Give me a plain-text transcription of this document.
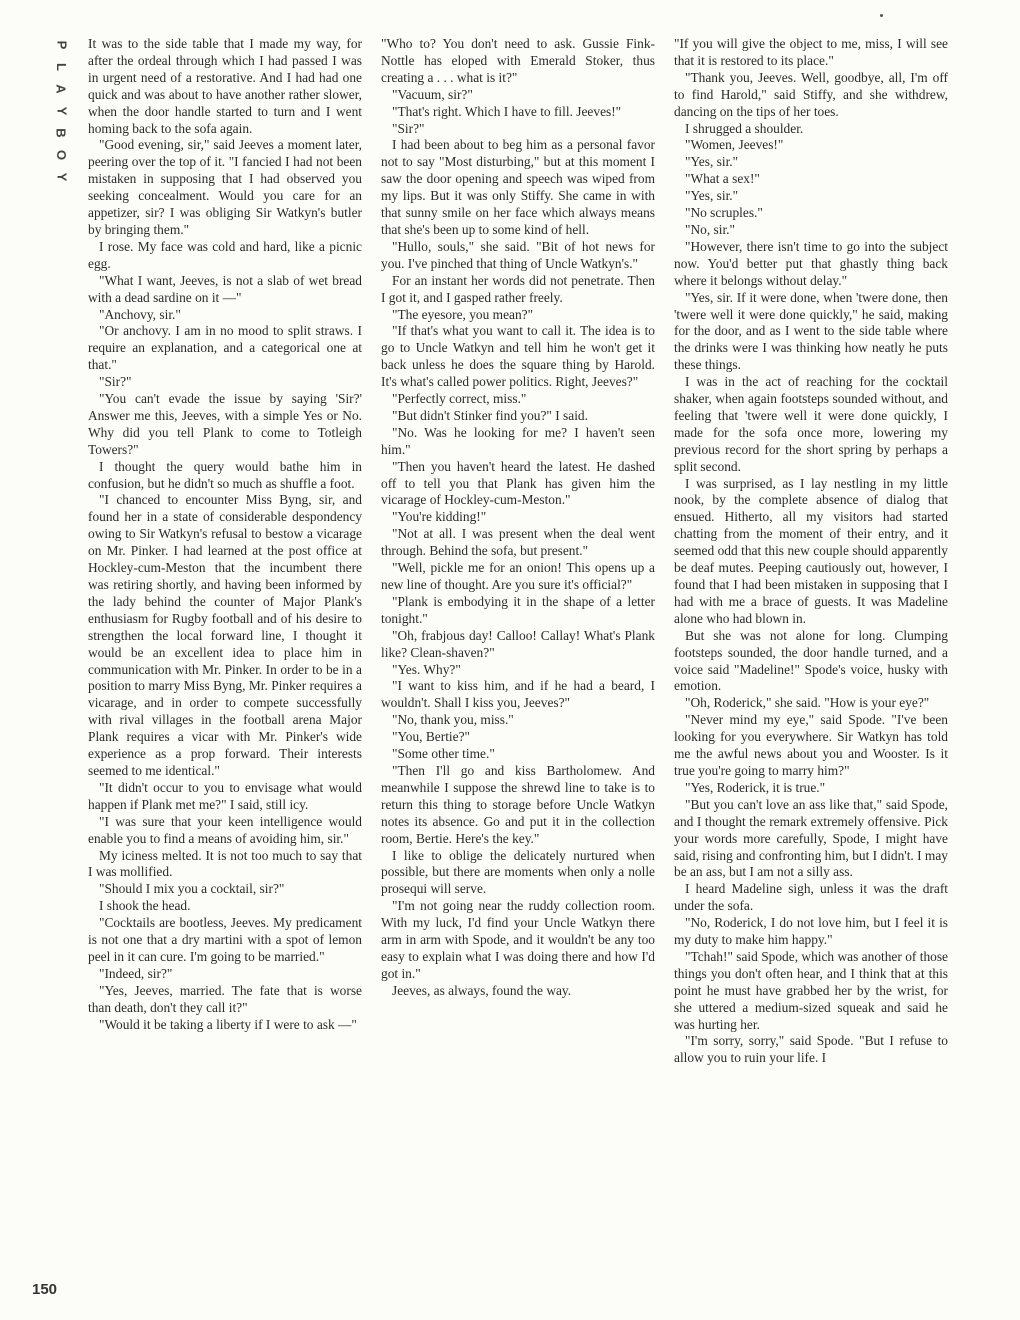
P
L
A
Y
B
O
Y

It was to the side table that I made my way, for after the ordeal through which I had passed I was in urgent need of a restorative. And I had had one quick and was about to have another rather slower, when the door handle started to turn and I went homing back to the sofa again.

"Good evening, sir," said Jeeves a moment later, peering over the top of it. "I fancied I had not been mistaken in supposing that I had observed you seeking concealment. Would you care for an appetizer, sir? I was obliging Sir Watkyn's butler by bringing them."

I rose. My face was cold and hard, like a picnic egg.

"What I want, Jeeves, is not a slab of wet bread with a dead sardine on it —"

"Anchovy, sir."

"Or anchovy. I am in no mood to split straws. I require an explanation, and a categorical one at that."

"Sir?"

"You can't evade the issue by saying 'Sir?' Answer me this, Jeeves, with a simple Yes or No. Why did you tell Plank to come to Totleigh Towers?"

I thought the query would bathe him in confusion, but he didn't so much as shuffle a foot.

"I chanced to encounter Miss Byng, sir, and found her in a state of considerable despondency owing to Sir Watkyn's refusal to bestow a vicarage on Mr. Pinker. I had learned at the post office at Hockley-cum-Meston that the incumbent there was retiring shortly, and having been informed by the lady behind the counter of Major Plank's enthusiasm for Rugby football and of his desire to strengthen the local forward line, I thought it would be an excellent idea to place him in communication with Mr. Pinker. In order to be in a position to marry Miss Byng, Mr. Pinker requires a vicarage, and in order to compete successfully with rival villages in the football arena Major Plank requires a vicar with Mr. Pinker's wide experience as a prop forward. Their interests seemed to me identical."

"It didn't occur to you to envisage what would happen if Plank met me?" I said, still icy.

"I was sure that your keen intelligence would enable you to find a means of avoiding him, sir."

My iciness melted. It is not too much to say that I was mollified.

"Should I mix you a cocktail, sir?"

I shook the head.

"Cocktails are bootless, Jeeves. My predicament is not one that a dry martini with a spot of lemon peel in it can cure. I'm going to be married."

"Indeed, sir?"

"Yes, Jeeves, married. The fate that is worse than death, don't they call it?"

"Would it be taking a liberty if I were to ask —"

"Who to? You don't need to ask. Gussie Fink-Nottle has eloped with Emerald Stoker, thus creating a . . . what is it?"

"Vacuum, sir?"

"That's right. Which I have to fill. Jeeves!"

"Sir?"

I had been about to beg him as a personal favor not to say "Most disturbing," but at this moment I saw the door opening and speech was wiped from my lips. But it was only Stiffy. She came in with that sunny smile on her face which always means that she's been up to some kind of hell.

"Hullo, souls," she said. "Bit of hot news for you. I've pinched that thing of Uncle Watkyn's."

For an instant her words did not penetrate. Then I got it, and I gasped rather freely.

"The eyesore, you mean?"

"If that's what you want to call it. The idea is to go to Uncle Watkyn and tell him he won't get it back unless he does the square thing by Harold. It's what's called power politics. Right, Jeeves?"

"Perfectly correct, miss."

"But didn't Stinker find you?" I said.

"No. Was he looking for me? I haven't seen him."

"Then you haven't heard the latest. He dashed off to tell you that Plank has given him the vicarage of Hockley-cum-Meston."

"You're kidding!"

"Not at all. I was present when the deal went through. Behind the sofa, but present."

"Well, pickle me for an onion! This opens up a new line of thought. Are you sure it's official?"

"Plank is embodying it in the shape of a letter tonight."

"Oh, frabjous day! Calloo! Callay! What's Plank like? Clean-shaven?"

"Yes. Why?"

"I want to kiss him, and if he had a beard, I wouldn't. Shall I kiss you, Jeeves?"

"No, thank you, miss."

"You, Bertie?"

"Some other time."

"Then I'll go and kiss Bartholomew. And meanwhile I suppose the shrewd line to take is to return this thing to storage before Uncle Watkyn notes its absence. Go and put it in the collection room, Bertie. Here's the key."

I like to oblige the delicately nurtured when possible, but there are moments when only a nolle prosequi will serve.

"I'm not going near the ruddy collection room. With my luck, I'd find your Uncle Watkyn there arm in arm with Spode, and it wouldn't be any too easy to explain what I was doing there and how I'd got in."

Jeeves, as always, found the way.

"If you will give the object to me, miss, I will see that it is restored to its place."

"Thank you, Jeeves. Well, goodbye, all, I'm off to find Harold," said Stiffy, and she withdrew, dancing on the tips of her toes.

I shrugged a shoulder.

"Women, Jeeves!"

"Yes, sir."

"What a sex!"

"Yes, sir."

"No scruples."

"No, sir."

"However, there isn't time to go into the subject now. You'd better put that ghastly thing back where it belongs without delay."

"Yes, sir. If it were done, when 'twere done, then 'twere well it were done quickly," he said, making for the door, and as I went to the side table where the drinks were I was thinking how neatly he puts these things.

I was in the act of reaching for the cocktail shaker, when again footsteps sounded without, and feeling that 'twere well it were done quickly, I made for the sofa once more, lowering my previous record for the short spring by perhaps a split second.

I was surprised, as I lay nestling in my little nook, by the complete absence of dialog that ensued. Hitherto, all my visitors had started chatting from the moment of their entry, and it seemed odd that this new couple should apparently be deaf mutes. Peeping cautiously out, however, I found that I had been mistaken in supposing that I had with me a brace of guests. It was Madeline alone who had blown in.

But she was not alone for long. Clumping footsteps sounded, the door handle turned, and a voice said "Madeline!" Spode's voice, husky with emotion.

"Oh, Roderick," she said. "How is your eye?"

"Never mind my eye," said Spode. "I've been looking for you everywhere. Sir Watkyn has told me the awful news about you and Wooster. Is it true you're going to marry him?"

"Yes, Roderick, it is true."

"But you can't love an ass like that," said Spode, and I thought the remark extremely offensive. Pick your words more carefully, Spode, I might have said, rising and confronting him, but I didn't. I may be an ass, but I am not a silly ass.

I heard Madeline sigh, unless it was the draft under the sofa.

"No, Roderick, I do not love him, but I feel it is my duty to make him happy."

"Tchah!" said Spode, which was another of those things you don't often hear, and I think that at this point he must have grabbed her by the wrist, for she uttered a medium-sized squeak and said he was hurting her.

"I'm sorry, sorry," said Spode. "But I refuse to allow you to ruin your life. I

150
